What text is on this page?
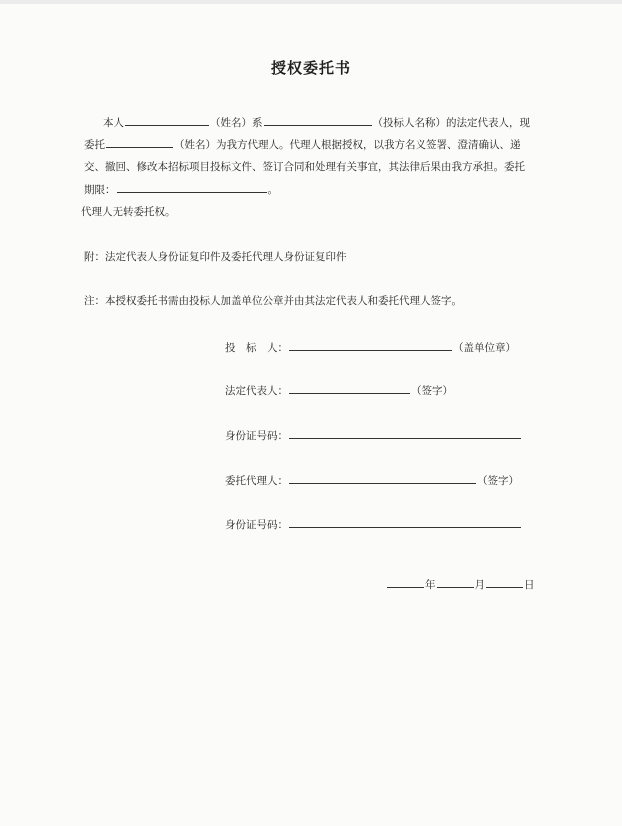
授权委托书
本人	（姓名）系	（投标人名称）的法定代表人，现
委托	（姓名）为我方代理人。代理人根据授权，以我方名义签署、澄清确认、递
交、撤回、修改本招标项目投标文件、签订合同和处理有关事宜，其法律后果由我方承担。委托
期限：	。
代理人无转委托权。
附：法定代表人身份证复印件及委托代理人身份证复印件
注：本授权委托书需由投标人加盖单位公章并由其法定代表人和委托代理人签字。
投　标　人：	（盖单位章）
法定代表人：	（签字）
身份证号码：
委托代理人：	（签字）
身份证号码：
年	月	日
